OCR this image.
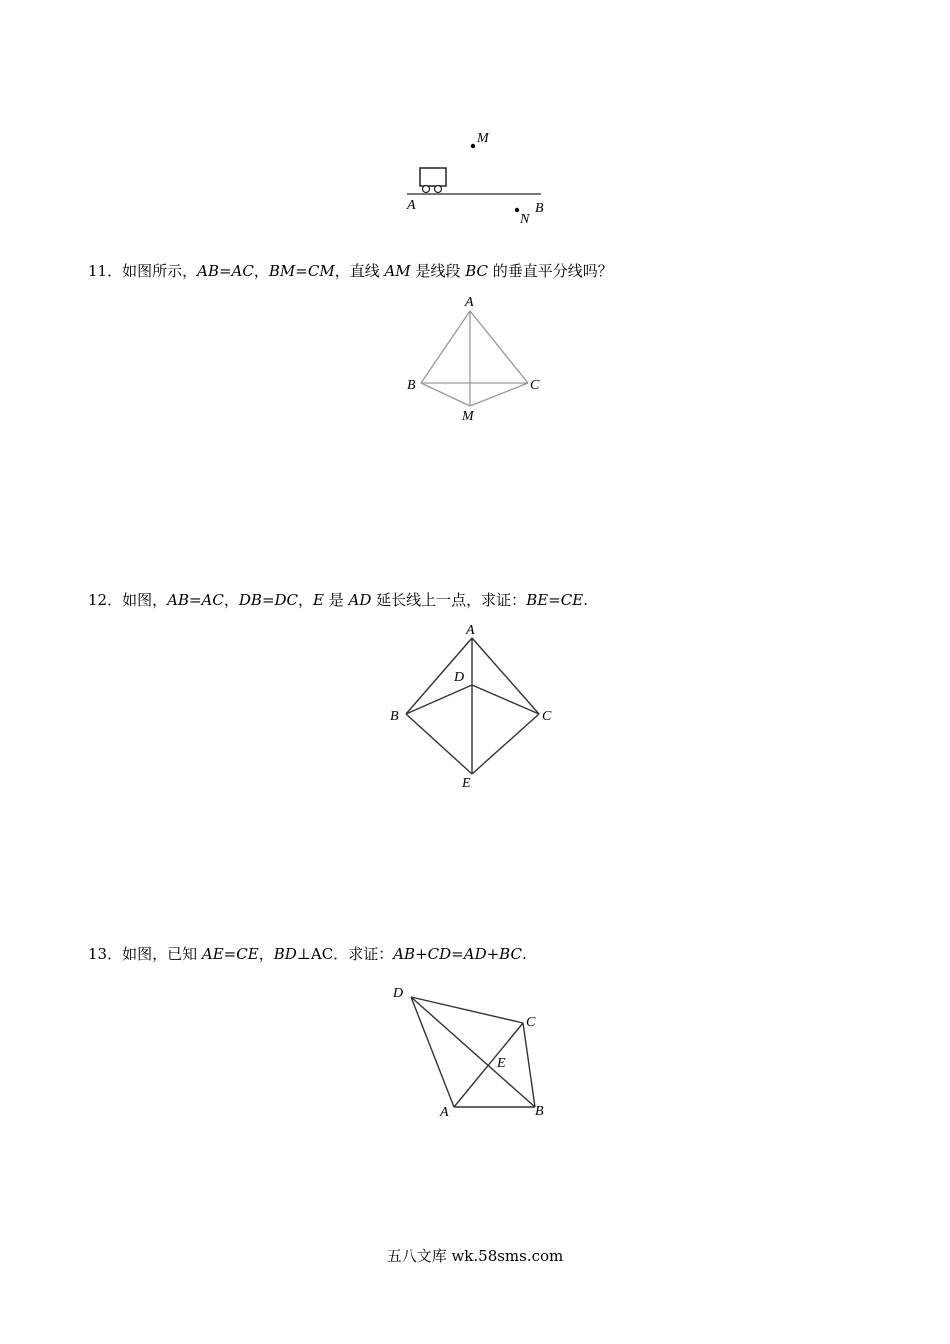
M
A	B
N
11．如图所示，AB=AC，BM=CM，直线 AM 是线段 BC 的垂直平分线吗？
A
B	C
M
12．如图，AB=AC，DB=DC，E 是 AD 延长线上一点，求证：BE=CE.
A
D
B	C
E
13．如图，已知 AE=CE，BD⊥AC．求证：AB+CD=AD+BC.
D
C
E
A	B
五八文库 wk.58sms.com
